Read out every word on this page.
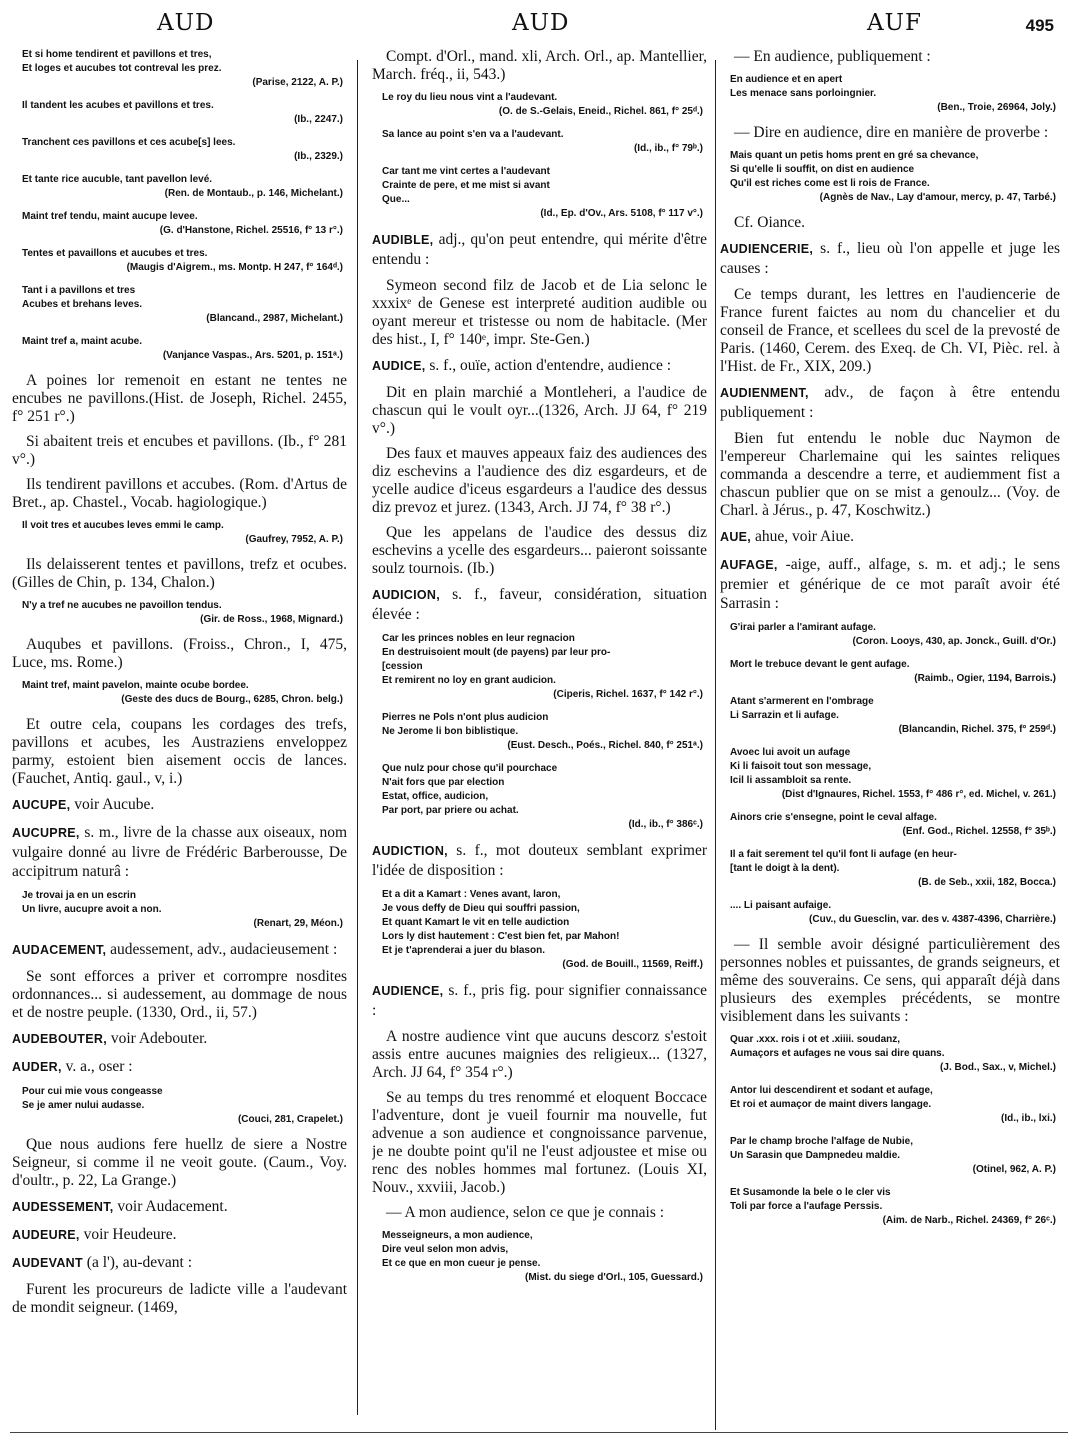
AUD	AUD	AUF	495
Et si home tendirent et pavillons et tres,
Et loges et aucubes tot contreval les prez.
(Parise, 2122, A. P.)
Il tandent les acubes et pavillons et tres.
(Ib., 2247.)
Tranchent ces pavillons et ces acube[s] lees.
(Ib., 2329.)
Et tante rice aucuble, tant pavellon levé.
(Ren. de Montaub., p. 146, Michelant.)
Maint tref tendu, maint aucupe levee.
(G. d'Hanstone, Richel. 25516, f° 13 r°.)
Tentes et pavaillons et aucubes et tres.
(Maugis d'Aigrem., ms. Montp. H 247, f° 164ᵈ.)
Tant i a pavillons et tres
Acubes et brehans leves.
(Blancand., 2987, Michelant.)
Maint tref a, maint acube.
(Vanjance Vaspas., Ars. 5201, p. 151ᵃ.)
A poines lor remenoit en estant ne tentes ne encubes ne pavillons.(Hist. de Joseph, Richel. 2455, f° 251 r°.)
Si abaitent treis et encubes et pavillons. (Ib., f° 281 v°.)
Ils tendirent pavillons et accubes. (Rom. d'Artus de Bret., ap. Chastel., Vocab. hagiologique.)
Il voit tres et aucubes leves emmi le camp.
(Gaufrey, 7952, A. P.)
Ils delaisserent tentes et pavillons, trefz et ocubes. (Gilles de Chin, p. 134, Chalon.)
N'y a tref ne aucubes ne pavoillon tendus.
(Gir. de Ross., 1968, Mignard.)
Auqubes et pavillons. (Froiss., Chron., I, 475, Luce, ms. Rome.)
Maint tref, maint pavelon, mainte ocube bordee.
(Geste des ducs de Bourg., 6285, Chron. belg.)
Et outre cela, coupans les cordages des trefs, pavillons et acubes, les Austraziens enveloppez parmy, estoient bien aisement occis de lances. (Fauchet, Antiq. gaul., v, i.)
AUCUPE, voir Aucube.
AUCUPRE, s. m., livre de la chasse aux oiseaux, nom vulgaire donné au livre de Frédéric Barberousse, De accipitrum naturâ :
Je trovai ja en un escrin
Un livre, aucupre avoit a non.
(Renart, 29, Méon.)
AUDACEMENT, audessement, adv., audacieusement :
Se sont efforces a priver et corrompre nosdites ordonnances... si audessement, au dommage de nous et de nostre peuple. (1330, Ord., ii, 57.)
AUDEBOUTER, voir Adebouter.
AUDER, v. a., oser :
Pour cui mie vous congeasse
Se je amer nului audasse.
(Couci, 281, Crapelet.)
Que nous audions fere huellz de siere a Nostre Seigneur, si comme il ne veoit goute. (Caum., Voy. d'oultr., p. 22, La Grange.)
AUDESSEMENT, voir Audacement.
AUDEURE, voir Heudeure.
AUDEVANT (a l'), au-devant :
Furent les procureurs de ladicte ville a l'audevant de mondit seigneur. (1469,
Compt. d'Orl., mand. xli, Arch. Orl., ap. Mantellier, March. fréq., ii, 543.)
Le roy du lieu nous vint a l'audevant.
(O. de S.-Gelais, Eneid., Richel. 861, f° 25ᵈ.)
Sa lance au point s'en va a l'audevant.
(Id., ib., f° 79ᵇ.)
Car tant me vint certes a l'audevant
Crainte de pere, et me mist si avant
Que...
(Id., Ep. d'Ov., Ars. 5108, f° 117 v°.)
AUDIBLE, adj., qu'on peut entendre, qui mérite d'être entendu :
Symeon second filz de Jacob et de Lia selonc le xxxixᵉ de Genese est interpreté audition audible ou oyant mereur et tristesse ou nom de habitacle. (Mer des hist., I, f° 140ᵉ, impr. Ste-Gen.)
AUDICE, s. f., ouïe, action d'entendre, audience :
Dit en plain marchié a Montleheri, a l'audice de chascun qui le voult oyr...(1326, Arch. JJ 64, f° 219 v°.)
Des faux et mauves appeaux faiz des audiences des diz eschevins a l'audience des diz esgardeurs, et de ycelle audice d'iceus esgardeurs a l'audice des dessus diz prevoz et jurez. (1343, Arch. JJ 74, f° 38 r°.)
Que les appelans de l'audice des dessus diz eschevins a ycelle des esgardeurs... paieront soissante soulz tournois. (Ib.)
AUDICION, s. f., faveur, considération, situation élevée :
Car les princes nobles en leur regnacion
En destruisoient moult (de payens) par leur pro-
[cession
Et remirent no loy en grant audicion.
(Ciperis, Richel. 1637, f° 142 r°.)
Pierres ne Pols n'ont plus audicion
Ne Jerome li bon biblistique.
(Eust. Desch., Poés., Richel. 840, f° 251ᵃ.)
Que nulz pour chose qu'il pourchace
N'ait fors que par election
Estat, office, audicion,
Par port, par priere ou achat.
(Id., ib., f° 386ᶜ.)
AUDICTION, s. f., mot douteux semblant exprimer l'idée de disposition :
Et a dit a Kamart : Venes avant, laron,
Je vous deffy de Dieu qui souffri passion,
Et quant Kamart le vit en telle audiction
Lors ly dist hautement : C'est bien fet, par Mahon!
Et je t'aprenderai a juer du blason.
(God. de Bouill., 11569, Reiff.)
AUDIENCE, s. f., pris fig. pour signifier connaissance :
A nostre audience vint que aucuns descorz s'estoit assis entre aucunes maignies des religieux... (1327, Arch. JJ 64, f° 354 r°.)
Se au temps du tres renommé et eloquent Boccace l'adventure, dont je vueil fournir ma nouvelle, fut advenue a son audience et congnoissance parvenue, je ne doubte point qu'il ne l'eust adjoustee et mise ou renc des nobles hommes mal fortunez. (Louis XI, Nouv., xxviii, Jacob.)
— A mon audience, selon ce que je connais :
Messeigneurs, a mon audience,
Dire veul selon mon advis,
Et ce que en mon cueur je pense.
(Mist. du siege d'Orl., 105, Guessard.)
— En audience, publiquement :
En audience et en apert
Les menace sans porloingnier.
(Ben., Troie, 26964, Joly.)
— Dire en audience, dire en manière de proverbe :
Mais quant un petis homs prent en gré sa chevance,
Si qu'elle li souffit, on dist en audience
Qu'il est riches come est li rois de France.
(Agnès de Nav., Lay d'amour, mercy, p. 47, Tarbé.)
Cf. Oiance.
AUDIENCERIE, s. f., lieu où l'on appelle et juge les causes :
Ce temps durant, les lettres en l'audiencerie de France furent faictes au nom du chancelier et du conseil de France, et scellees du scel de la prevosté de Paris. (1460, Cerem. des Exeq. de Ch. VI, Pièc. rel. à l'Hist. de Fr., XIX, 209.)
AUDIENMENT, adv., de façon à être entendu publiquement :
Bien fut entendu le noble duc Naymon de l'empereur Charlemaine qui les saintes reliques commanda a descendre a terre, et audiemment fist a chascun publier que on se mist a genoulz... (Voy. de Charl. à Jérus., p. 47, Koschwitz.)
AUE, ahue, voir Aiue.
AUFAGE, -aige, auff., alfage, s. m. et adj.; le sens premier et générique de ce mot paraît avoir été Sarrasin :
G'irai parler a l'amirant aufage.
(Coron. Looys, 430, ap. Jonck., Guill. d'Or.)
Mort le trebuce devant le gent aufage.
(Raimb., Ogier, 1194, Barrois.)
Atant s'armerent en l'ombrage
Li Sarrazin et li aufage.
(Blancandin, Richel. 375, f° 259ᵈ.)
Avoec lui avoit un aufage
Ki li faisoit tout son message,
Icil li assambloit sa rente.
(Dist d'Ignaures, Richel. 1553, f° 486 r°, ed. Michel, v. 261.)
Ainors crie s'ensegne, point le ceval alfage.
(Enf. God., Richel. 12558, f° 35ᵇ.)
Il a fait serement tel qu'il font li aufage (en heur-
[tant le doigt à la dent).
(B. de Seb., xxii, 182, Bocca.)
.... Li paisant aufaige.
(Cuv., du Guesclin, var. des v. 4387-4396, Charrière.)
— Il semble avoir désigné particulièrement des personnes nobles et puissantes, de grands seigneurs, et même des souverains. Ce sens, qui apparaît déjà dans plusieurs des exemples précédents, se montre visiblement dans les suivants :
Quar .xxx. rois i ot et .xiiii. soudanz,
Aumaçors et aufages ne vous sai dire quans.
(J. Bod., Sax., v, Michel.)
Antor lui descendirent et sodant et aufage,
Et roi et aumaçor de maint divers langage.
(Id., ib., lxi.)
Par le champ broche l'alfage de Nubie,
Un Sarasin que Dampnedeu maldie.
(Otinel, 962, A. P.)
Et Susamonde la bele o le cler vis
Toli par force a l'aufage Perssis.
(Aim. de Narb., Richel. 24369, f° 26ᶜ.)
